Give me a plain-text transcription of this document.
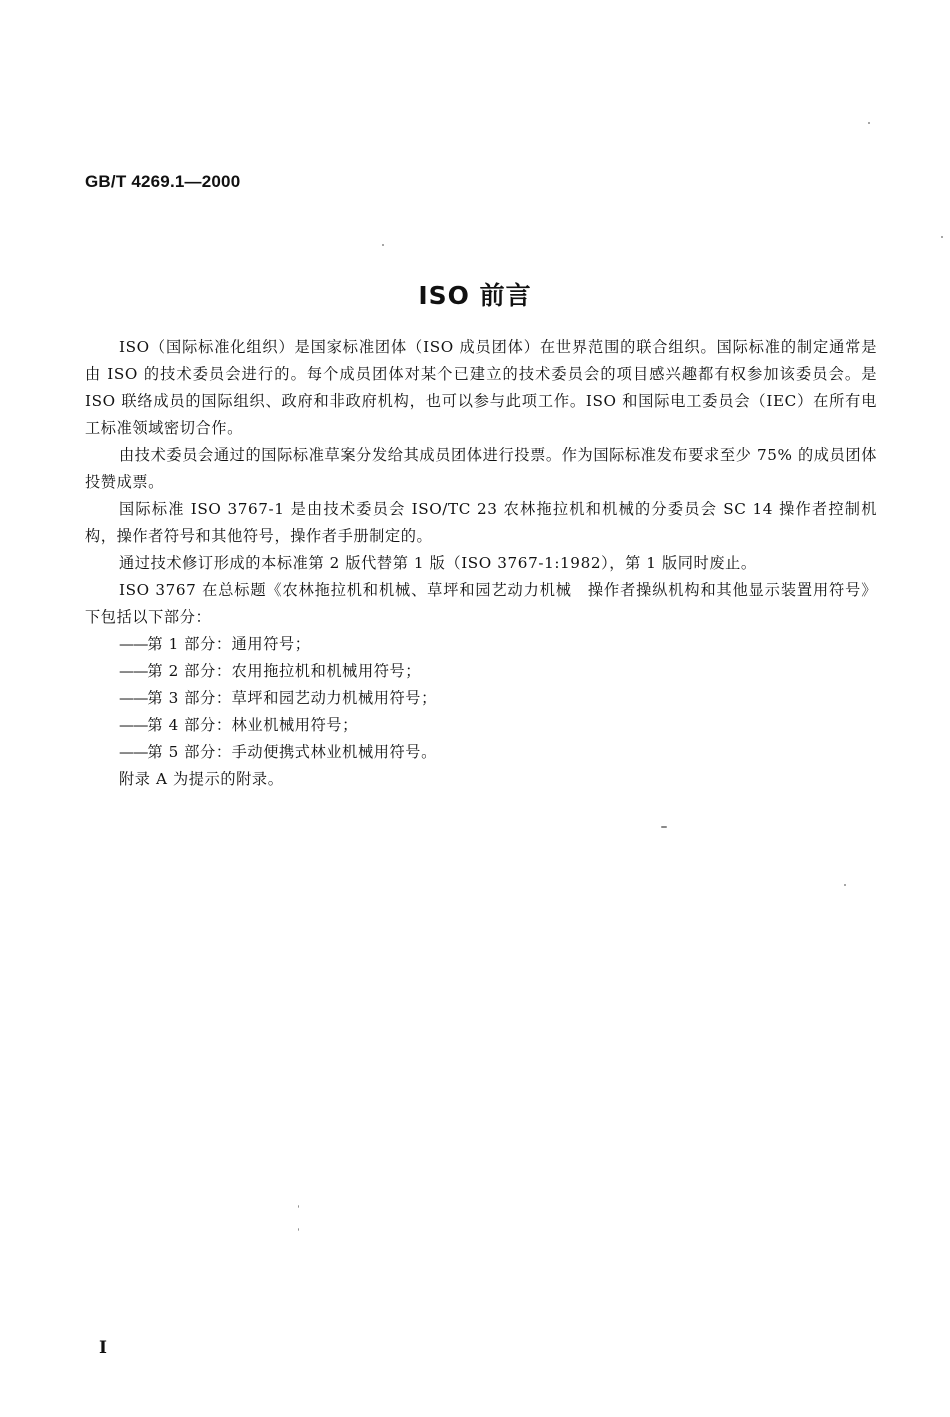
GB/T 4269.1—2000
ISO 前言

ISO（国际标准化组织）是国家标准团体（ISO 成员团体）在世界范围的联合组织。国际标准的制定通常是由 ISO 的技术委员会进行的。每个成员团体对某个已建立的技术委员会的项目感兴趣都有权参加该委员会。是 ISO 联络成员的国际组织、政府和非政府机构，也可以参与此项工作。ISO 和国际电工委员会（IEC）在所有电工标准领域密切合作。

由技术委员会通过的国际标准草案分发给其成员团体进行投票。作为国际标准发布要求至少 75% 的成员团体投赞成票。

国际标准 ISO 3767-1 是由技术委员会 ISO/TC 23 农林拖拉机和机械的分委员会 SC 14 操作者控制机构，操作者符号和其他符号，操作者手册制定的。

通过技术修订形成的本标准第 2 版代替第 1 版（ISO 3767-1:1982），第 1 版同时废止。

ISO 3767 在总标题《农林拖拉机和机械、草坪和园艺动力机械　操作者操纵机构和其他显示装置用符号》下包括以下部分：

——第 1 部分：通用符号；
——第 2 部分：农用拖拉机和机械用符号；
——第 3 部分：草坪和园艺动力机械用符号；
——第 4 部分：林业机械用符号；
——第 5 部分：手动便携式林业机械用符号。

附录 A 为提示的附录。

I
